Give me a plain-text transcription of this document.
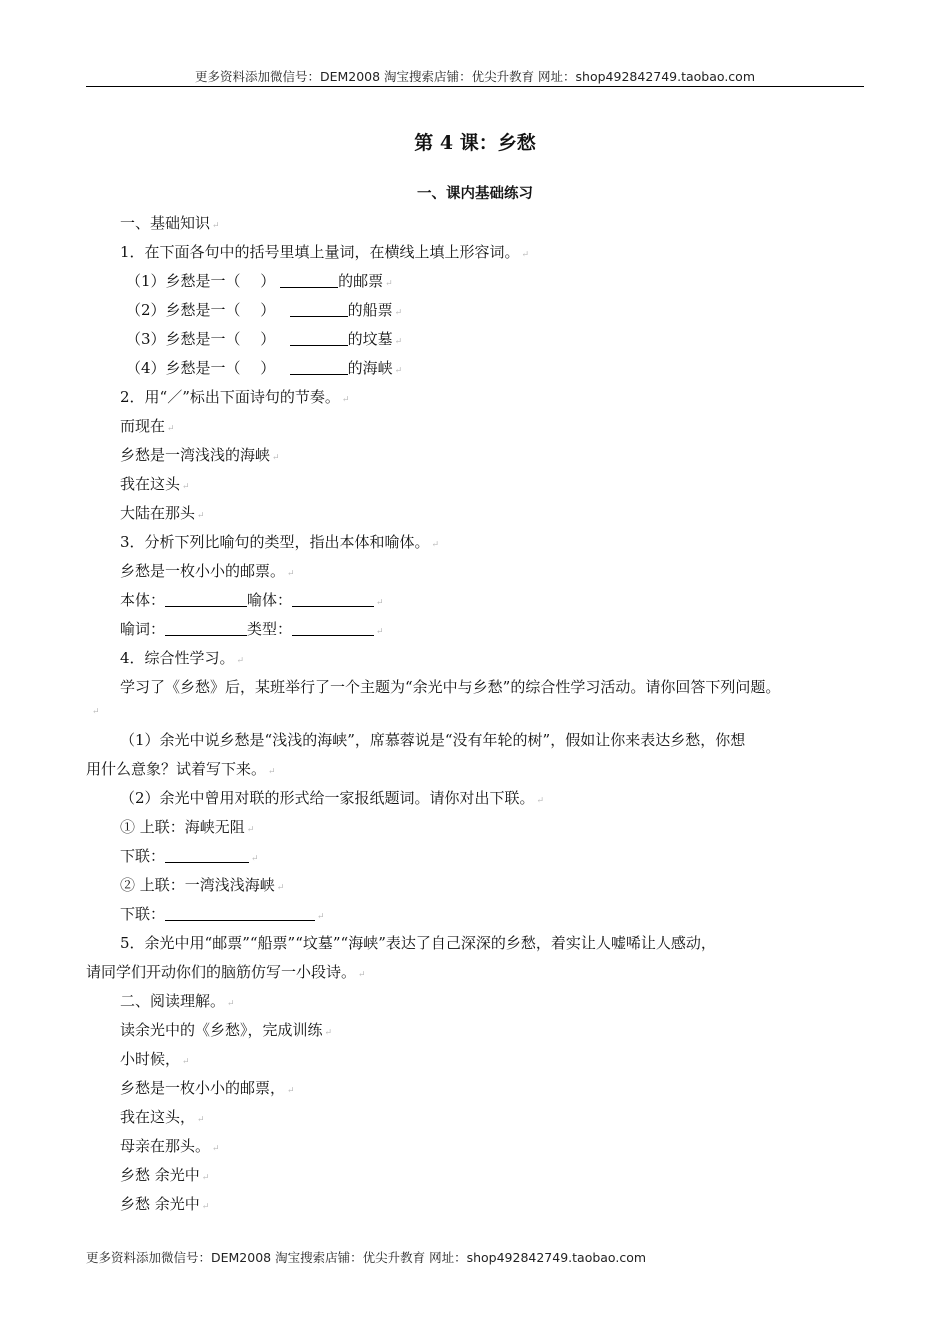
更多资料添加微信号：DEM2008 淘宝搜索店铺：优尖升教育 网址：shop492842749.taobao.com
第 4 课：乡愁
一、课内基础练习
一、基础知识 ↵
1．在下面各句中的括号里填上量词，在横线上填上形容词。 ↵
（1）乡愁是一（　 ）	的邮票 ↵
（2）乡愁是一（　 ）	的船票 ↵
（3）乡愁是一（　 ）	的坟墓 ↵
（4）乡愁是一（　 ）	的海峡 ↵
2．用“／”标出下面诗句的节奏。 ↵
而现在 ↵
乡愁是一湾浅浅的海峡 ↵
我在这头 ↵
大陆在那头 ↵
3．分析下列比喻句的类型，指出本体和喻体。 ↵
乡愁是一枚小小的邮票。 ↵
本体：	喻体：	↵
喻词：	类型：	↵
4．综合性学习。 ↵
学习了《乡愁》后，某班举行了一个主题为“余光中与乡愁”的综合性学习活动。请你回答下列问题。
↵
（1）余光中说乡愁是“浅浅的海峡”，席慕蓉说是“没有年轮的树”，假如让你来表达乡愁，你想
用什么意象？试着写下来。 ↵
（2）余光中曾用对联的形式给一家报纸题词。请你对出下联。 ↵
① 上联：海峡无阻 ↵
下联：	↵
② 上联：一湾浅浅海峡 ↵
下联：	↵
5．余光中用“邮票”“船票”“坟墓”“海峡”表达了自己深深的乡愁，着实让人嘘唏让人感动，
请同学们开动你们的脑筋仿写一小段诗。 ↵
二、阅读理解。 ↵
读余光中的《乡愁》，完成训练 ↵
小时候， ↵
乡愁是一枚小小的邮票， ↵
我在这头， ↵
母亲在那头。 ↵
乡愁 余光中 ↵
乡愁 余光中 ↵
更多资料添加微信号：DEM2008 淘宝搜索店铺：优尖升教育 网址：shop492842749.taobao.com
